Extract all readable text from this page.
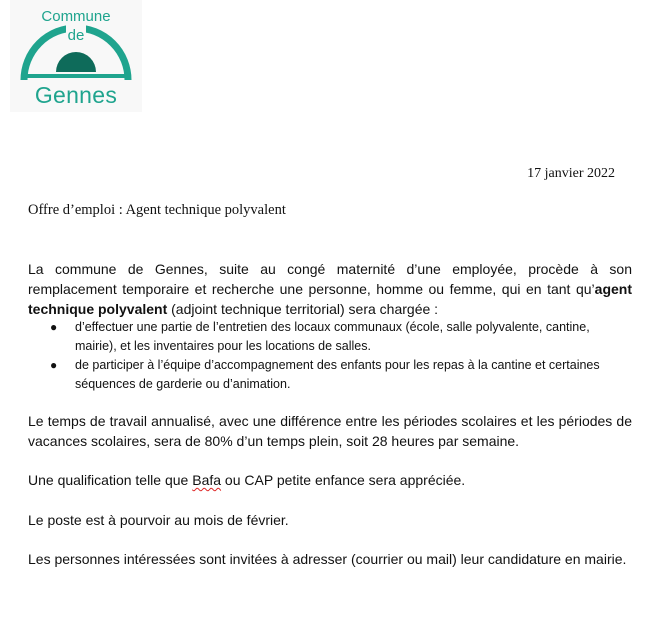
Commune
de
Gennes
17 janvier 2022
Offre d’emploi : Agent technique polyvalent
La commune de Gennes, suite au congé maternité d’une employée, procède à son remplacement temporaire et recherche une personne, homme ou femme, qui en tant qu’agent technique polyvalent (adjoint technique territorial) sera chargée :
● d’effectuer une partie de l’entretien des locaux communaux (école, salle polyvalente, cantine, mairie), et les inventaires pour les locations de salles.
● de participer à l’équipe d’accompagnement des enfants pour les repas à la cantine et certaines séquences de garderie ou d’animation.
Le temps de travail annualisé, avec une différence entre les périodes scolaires et les périodes de vacances scolaires, sera de 80% d’un temps plein, soit 28 heures par semaine.
Une qualification telle que Bafa ou CAP petite enfance sera appréciée.
Le poste est à pourvoir au mois de février.
Les personnes intéressées sont invitées à adresser (courrier ou mail) leur candidature en mairie.
